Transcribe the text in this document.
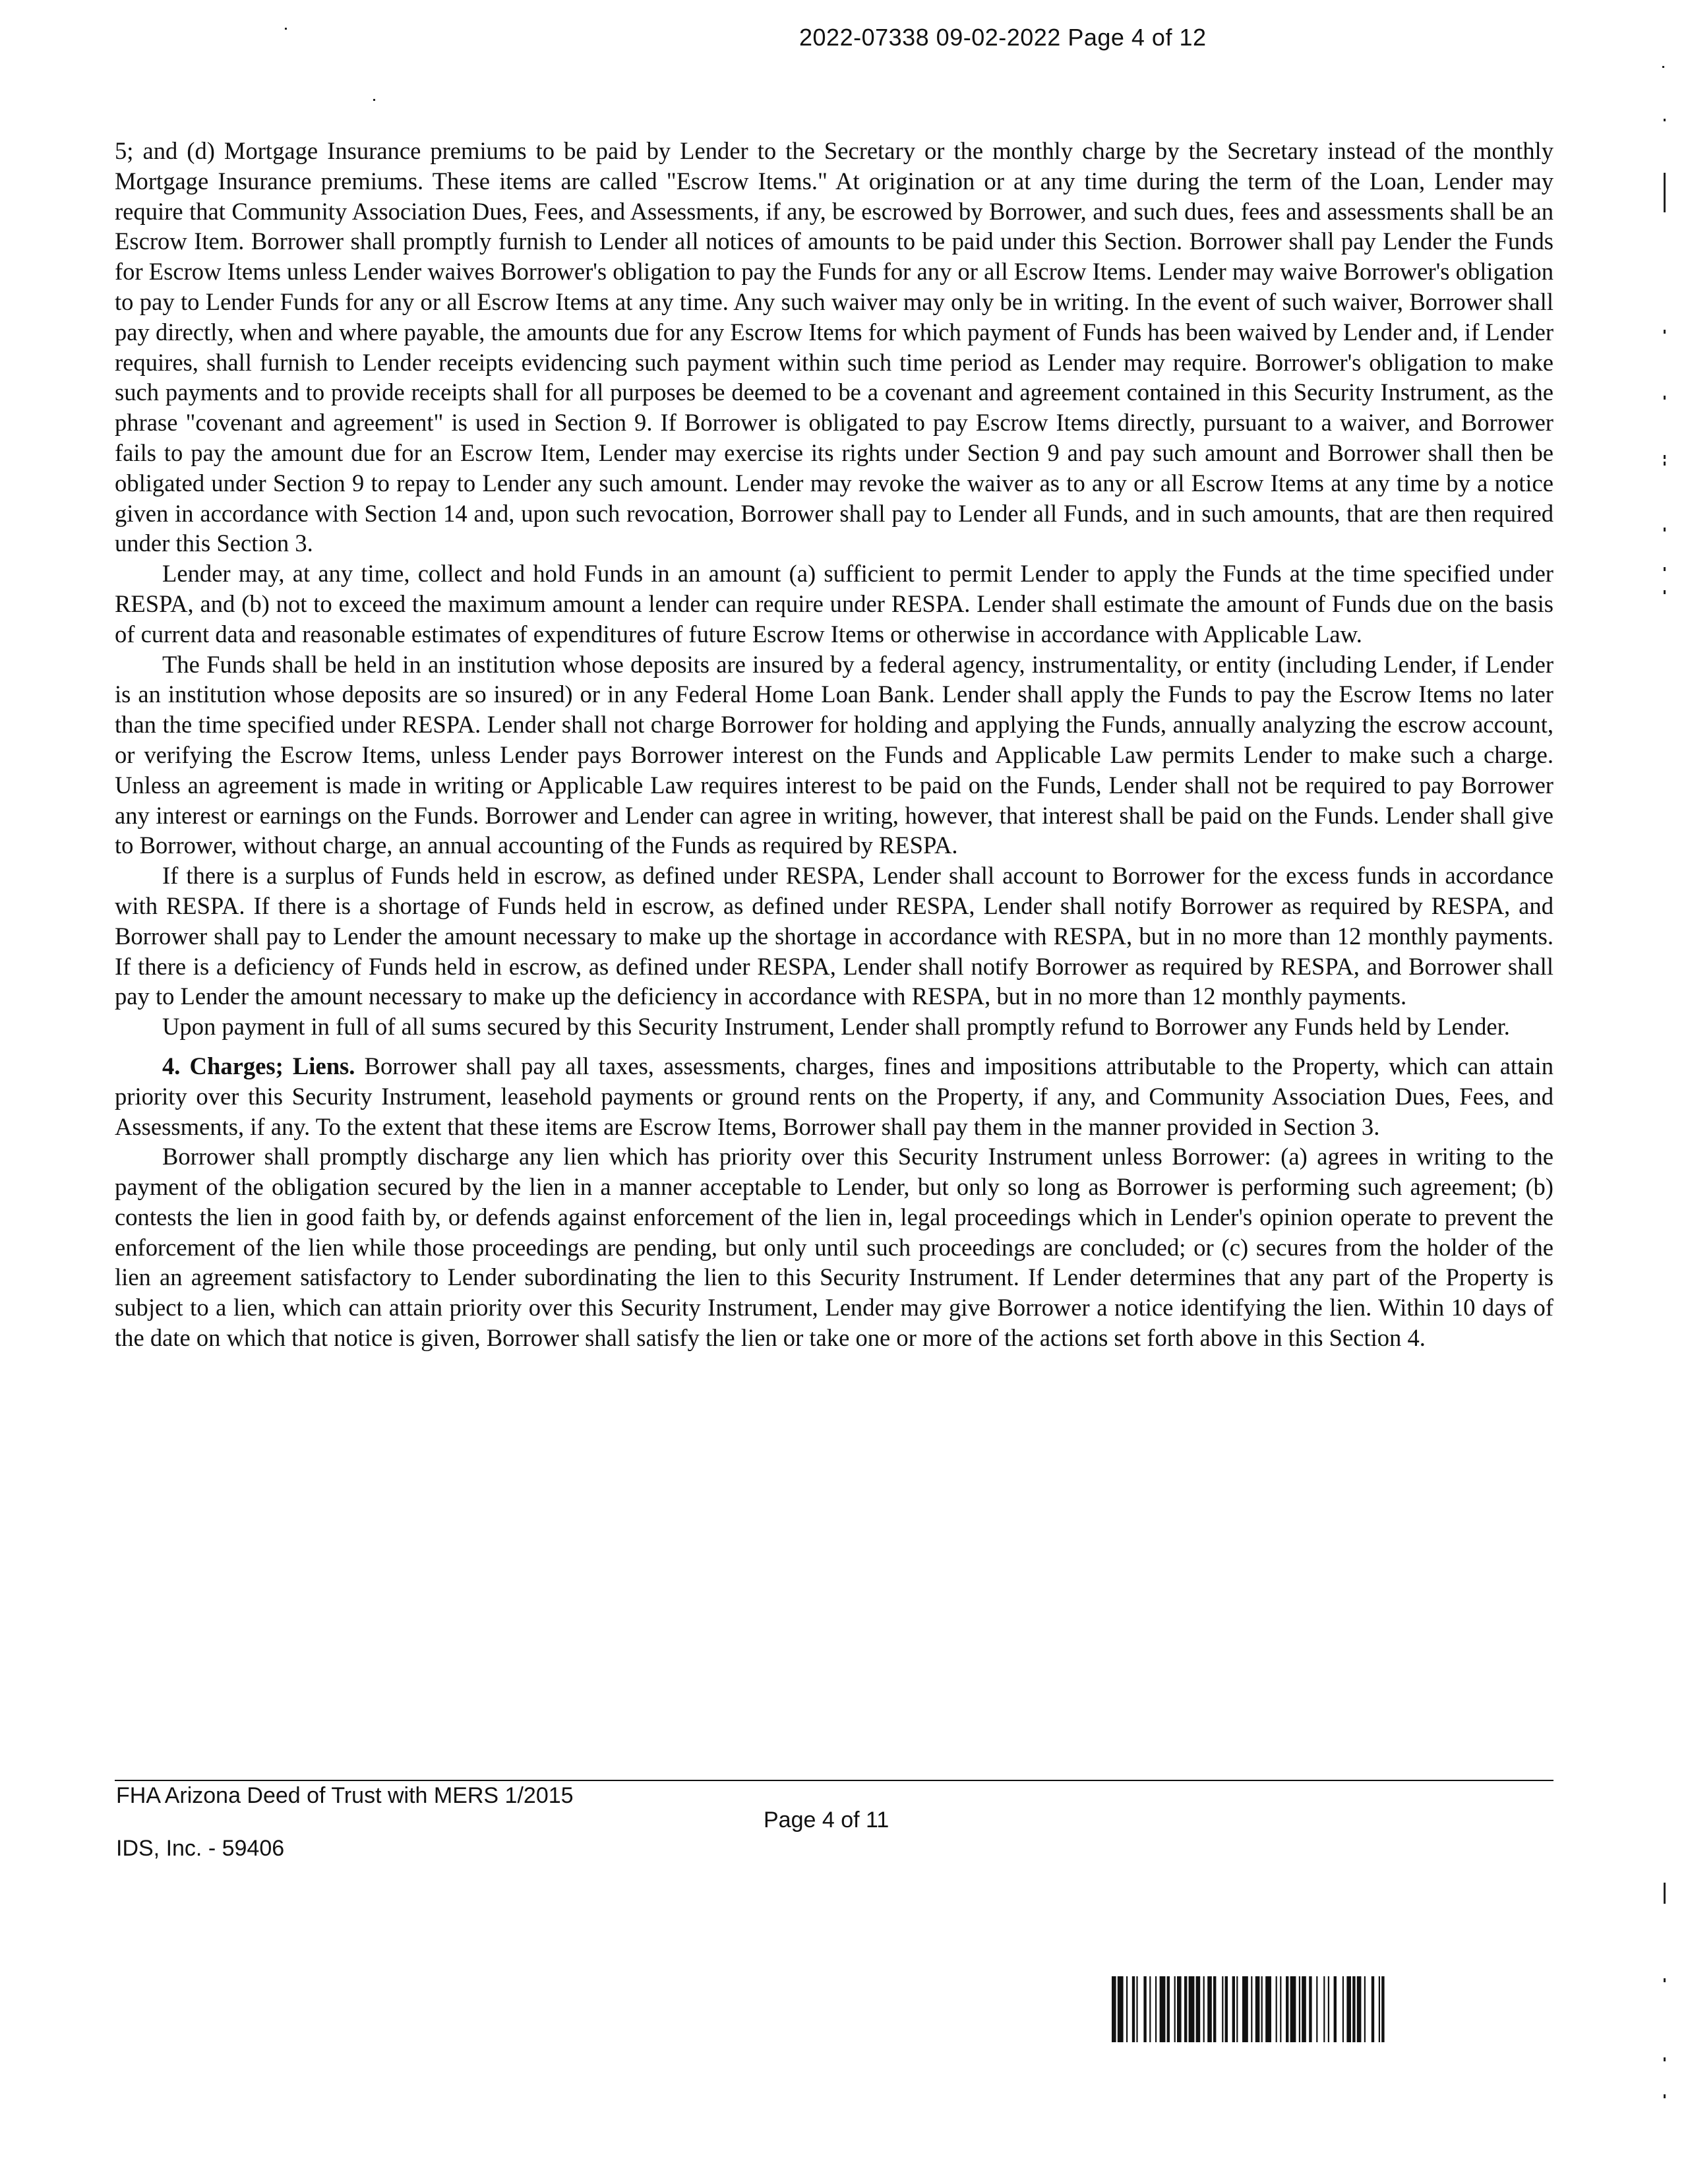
2022-07338 09-02-2022 Page 4 of 12

5; and (d) Mortgage Insurance premiums to be paid by Lender to the Secretary or the monthly charge by the Secretary instead of the monthly Mortgage Insurance premiums. These items are called "Escrow Items." At origination or at any time during the term of the Loan, Lender may require that Community Association Dues, Fees, and Assessments, if any, be escrowed by Borrower, and such dues, fees and assessments shall be an Escrow Item. Borrower shall promptly furnish to Lender all notices of amounts to be paid under this Section. Borrower shall pay Lender the Funds for Escrow Items unless Lender waives Borrower's obligation to pay the Funds for any or all Escrow Items. Lender may waive Borrower's obligation to pay to Lender Funds for any or all Escrow Items at any time. Any such waiver may only be in writing. In the event of such waiver, Borrower shall pay directly, when and where payable, the amounts due for any Escrow Items for which payment of Funds has been waived by Lender and, if Lender requires, shall furnish to Lender receipts evidencing such payment within such time period as Lender may require. Borrower's obligation to make such payments and to provide receipts shall for all purposes be deemed to be a covenant and agreement contained in this Security Instrument, as the phrase "covenant and agreement" is used in Section 9. If Borrower is obligated to pay Escrow Items directly, pursuant to a waiver, and Borrower fails to pay the amount due for an Escrow Item, Lender may exercise its rights under Section 9 and pay such amount and Borrower shall then be obligated under Section 9 to repay to Lender any such amount. Lender may revoke the waiver as to any or all Escrow Items at any time by a notice given in accordance with Section 14 and, upon such revocation, Borrower shall pay to Lender all Funds, and in such amounts, that are then required under this Section 3.

Lender may, at any time, collect and hold Funds in an amount (a) sufficient to permit Lender to apply the Funds at the time specified under RESPA, and (b) not to exceed the maximum amount a lender can require under RESPA. Lender shall estimate the amount of Funds due on the basis of current data and reasonable estimates of expenditures of future Escrow Items or otherwise in accordance with Applicable Law.

The Funds shall be held in an institution whose deposits are insured by a federal agency, instrumentality, or entity (including Lender, if Lender is an institution whose deposits are so insured) or in any Federal Home Loan Bank. Lender shall apply the Funds to pay the Escrow Items no later than the time specified under RESPA. Lender shall not charge Borrower for holding and applying the Funds, annually analyzing the escrow account, or verifying the Escrow Items, unless Lender pays Borrower interest on the Funds and Applicable Law permits Lender to make such a charge. Unless an agreement is made in writing or Applicable Law requires interest to be paid on the Funds, Lender shall not be required to pay Borrower any interest or earnings on the Funds. Borrower and Lender can agree in writing, however, that interest shall be paid on the Funds. Lender shall give to Borrower, without charge, an annual accounting of the Funds as required by RESPA.

If there is a surplus of Funds held in escrow, as defined under RESPA, Lender shall account to Borrower for the excess funds in accordance with RESPA. If there is a shortage of Funds held in escrow, as defined under RESPA, Lender shall notify Borrower as required by RESPA, and Borrower shall pay to Lender the amount necessary to make up the shortage in accordance with RESPA, but in no more than 12 monthly payments. If there is a deficiency of Funds held in escrow, as defined under RESPA, Lender shall notify Borrower as required by RESPA, and Borrower shall pay to Lender the amount necessary to make up the deficiency in accordance with RESPA, but in no more than 12 monthly payments.

Upon payment in full of all sums secured by this Security Instrument, Lender shall promptly refund to Borrower any Funds held by Lender.

4. Charges; Liens. Borrower shall pay all taxes, assessments, charges, fines and impositions attributable to the Property, which can attain priority over this Security Instrument, leasehold payments or ground rents on the Property, if any, and Community Association Dues, Fees, and Assessments, if any. To the extent that these items are Escrow Items, Borrower shall pay them in the manner provided in Section 3.

Borrower shall promptly discharge any lien which has priority over this Security Instrument unless Borrower: (a) agrees in writing to the payment of the obligation secured by the lien in a manner acceptable to Lender, but only so long as Borrower is performing such agreement; (b) contests the lien in good faith by, or defends against enforcement of the lien in, legal proceedings which in Lender's opinion operate to prevent the enforcement of the lien while those proceedings are pending, but only until such proceedings are concluded; or (c) secures from the holder of the lien an agreement satisfactory to Lender subordinating the lien to this Security Instrument. If Lender determines that any part of the Property is subject to a lien, which can attain priority over this Security Instrument, Lender may give Borrower a notice identifying the lien. Within 10 days of the date on which that notice is given, Borrower shall satisfy the lien or take one or more of the actions set forth above in this Section 4.

FHA Arizona Deed of Trust with MERS 1/2015
Page 4 of 11
IDS, Inc. - 59406
